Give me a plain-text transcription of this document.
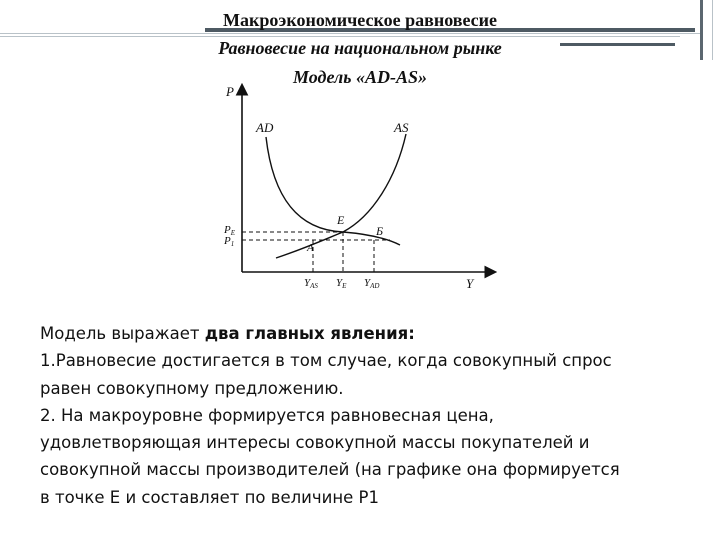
Макроэкономическое равновесие
Равновесие на национальном рынке
Модель «AD-AS»
P
Y
AD	AS
E
Б
A
PE
P1
YAS YE YAD

Модель выражает два главных явления:

1.Равновесие достигается в том случае, когда совокупный спрос

равен совокупному предложению.

2. На макроуровне формируется равновесная цена,

удовлетворяющая интересы совокупной массы покупателей и

совокупной массы производителей (на графике она формируется

в точке Е и составляет по величине Р1
